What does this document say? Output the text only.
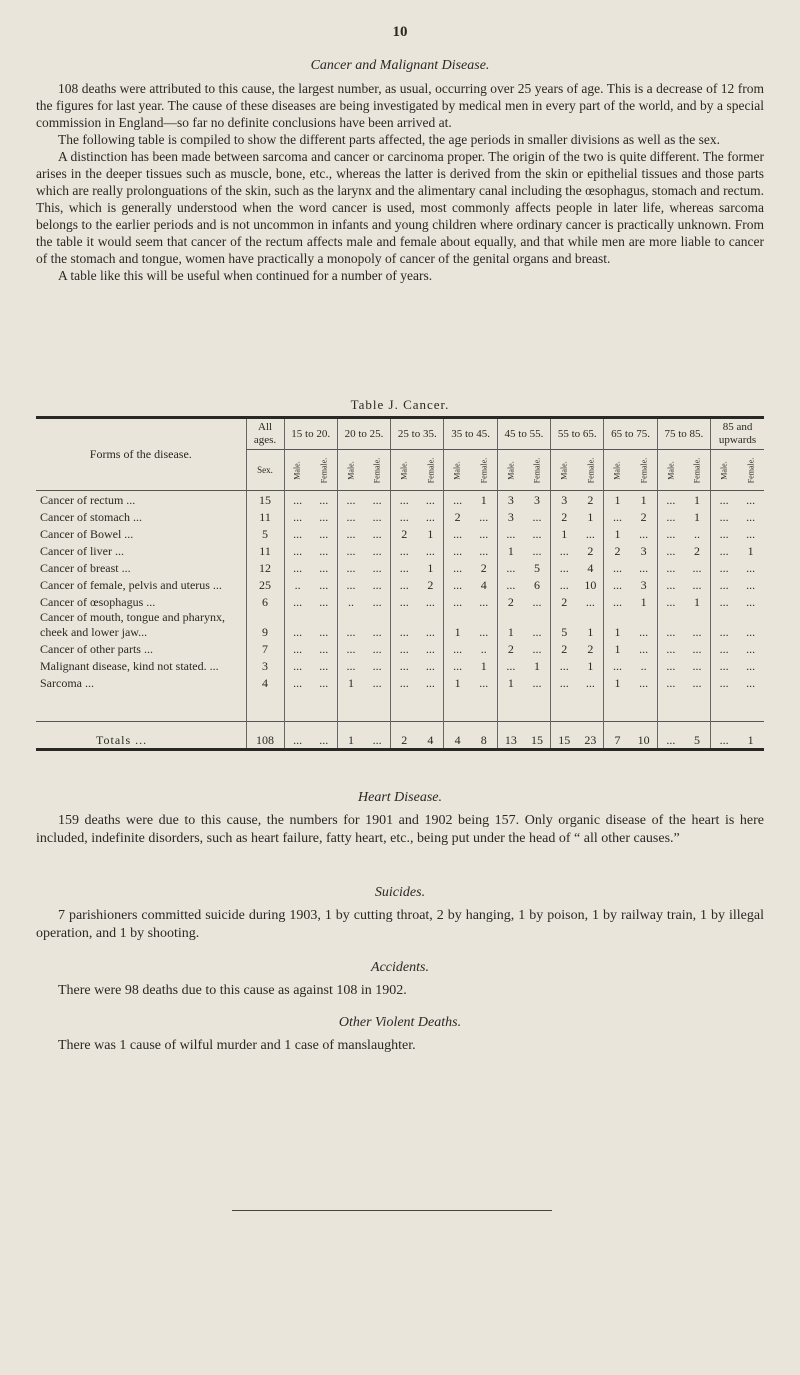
10

Cancer and Malignant Disease.

108 deaths were attributed to this cause, the largest number, as usual, occurring over 25 years of age. This is a decrease of 12 from the figures for last year. The cause of these diseases are being investigated by medical men in every part of the world, and by a special commission in England—so far no definite conclusions have been arrived at.

The following table is compiled to show the different parts affected, the age periods in smaller divisions as well as the sex.

A distinction has been made between sarcoma and cancer or carcinoma proper. The origin of the two is quite different. The former arises in the deeper tissues such as muscle, bone, etc., whereas the latter is derived from the skin or epithelial tissues and those parts which are really prolonguations of the skin, such as the larynx and the alimentary canal including the œsophagus, stomach and rectum. This, which is generally understood when the word cancer is used, most commonly affects people in later life, whereas sarcoma belongs to the earlier periods and is not uncommon in infants and young children where ordinary cancer is practically unknown. From the table it would seem that cancer of the rectum affects male and female about equally, and that while men are more liable to cancer of the stomach and tongue, women have practically a monopoly of cancer of the genital organs and breast.

A table like this will be useful when continued for a number of years.

Table J. Cancer.
Forms of the disease.	All ages.	15 to 20.		20 to 25.		25 to 35.		35 to 45.		45 to 55.		55 to 65.		65 to 75.		75 to 85.		85 and upwards	
	Sex.	Male.	Female.	Male.	Female.	Male.	Female.	Male.	Female.	Male.	Female.	Male.	Female.	Male.	Female.	Male.	Female.	Male.	Female.
Cancer of rectum ...	15	...	...	...	...	...	...	...	1	3	3	3	2	1	1	...	1	...	...
Cancer of stomach ...	11	...	...	...	...	...	...	2	...	3	...	2	1	...	2	...	1	...	...
Cancer of Bowel ...	5	...	...	...	...	2	1	...	...	...	...	1	...	1	...	...	..	...	...
Cancer of liver ...	11	...	...	...	...	...	...	...	...	1	...	...	2	2	3	...	2	...	1
Cancer of breast ...	12	...	...	...	...	...	1	...	2	...	5	...	4	...	...	...	...	...	...
Cancer of female, pelvis and uterus ...	25	..	...	...	...	...	2	...	4	...	6	...	10	...	3	...	...	...	...
Cancer of œsophagus ...	6	...	...	..	...	...	...	...	...	2	...	2	...	...	1	...	1	...	...
Cancer of mouth, tongue and pharynx, cheek and lower jaw...	9	...	...	...	...	...	...	1	...	1	...	5	1	1	...	...	...	...	...
Cancer of other parts ...	7	...	...	...	...	...	...	...	..	2	...	2	2	1	...	...	...	...	...
Malignant disease, kind not stated. ...	3	...	...	...	...	...	...	...	1	...	1	...	1	...	..	...	...	...	...
Sarcoma ...	4	...	...	1	...	...	...	1	...	1	...	...	...	1	...	...	...	...	...

Totals ...	108	...	...	1	...	2	4	4	8	13	15	15	23	7	10	...	5	...	1

Heart Disease.

159 deaths were due to this cause, the numbers for 1901 and 1902 being 157. Only organic disease of the heart is here included, indefinite disorders, such as heart failure, fatty heart, etc., being put under the head of “ all other causes.”

Suicides.

7 parishioners committed suicide during 1903, 1 by cutting throat, 2 by hanging, 1 by poison, 1 by railway train, 1 by illegal operation, and 1 by shooting.

Accidents.

There were 98 deaths due to this cause as against 108 in 1902.

Other Violent Deaths.

There was 1 cause of wilful murder and 1 case of manslaughter.
